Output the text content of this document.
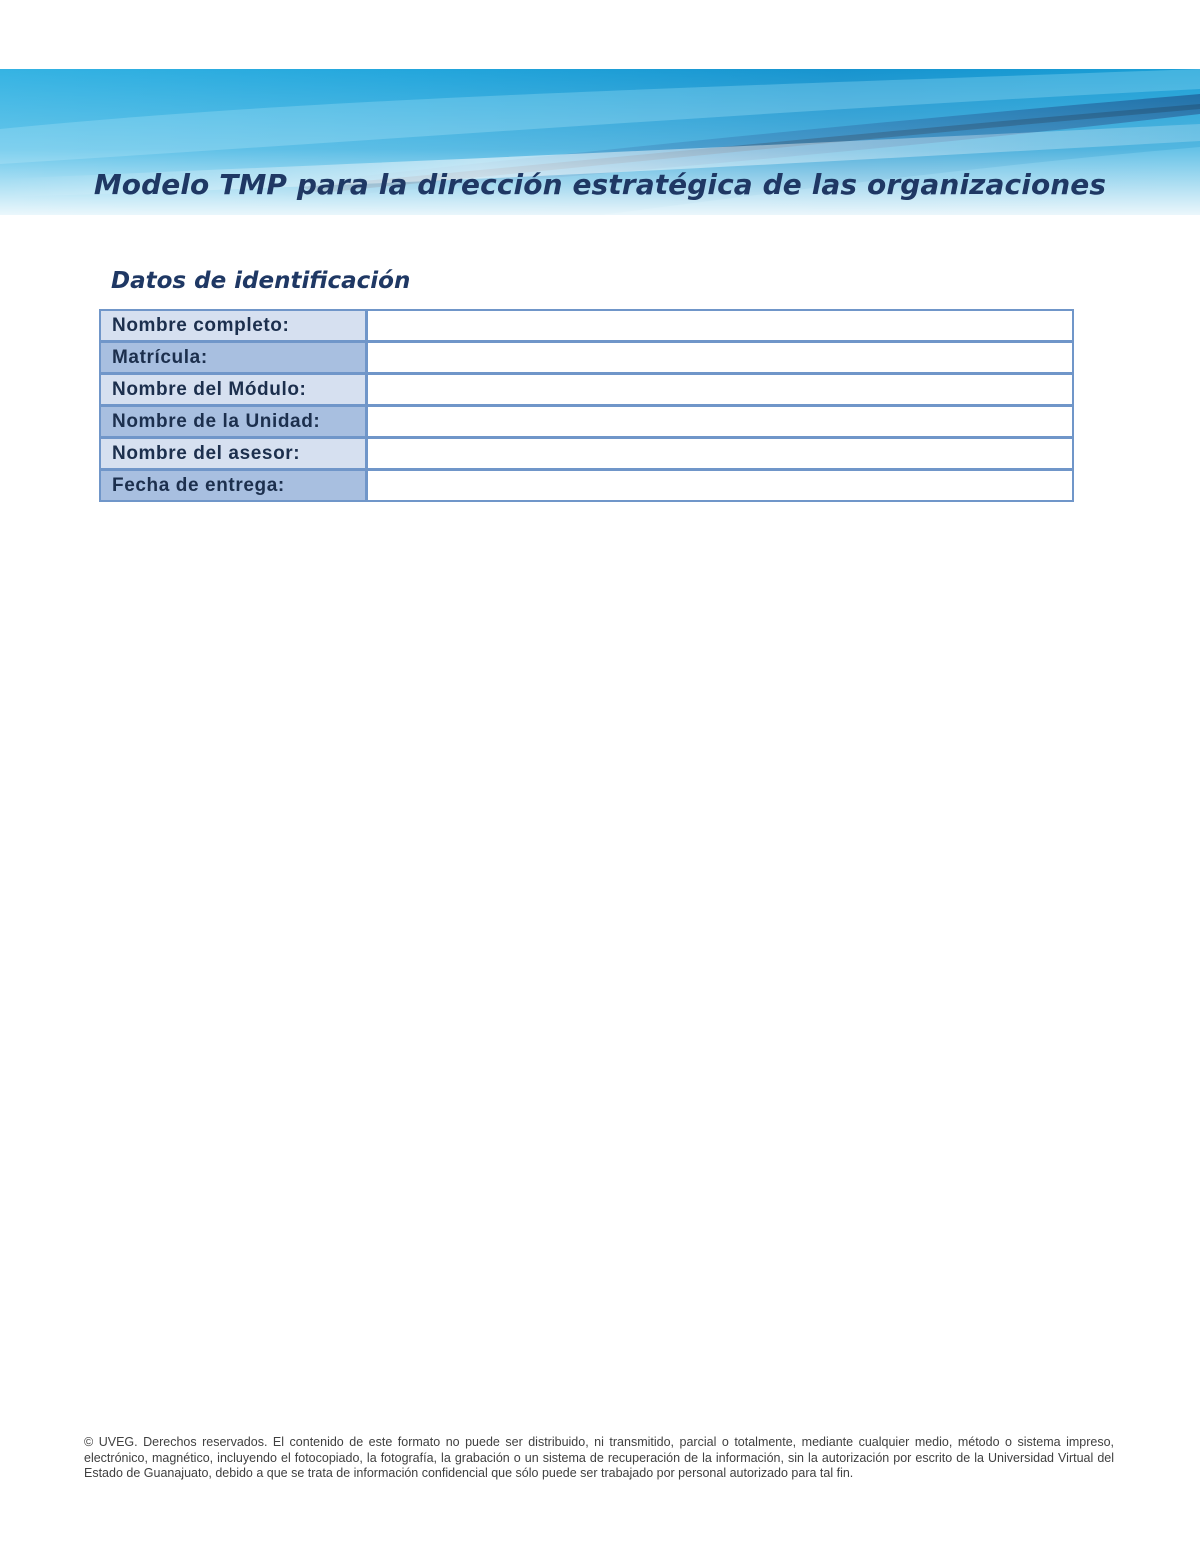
Modelo TMP para la dirección estratégica de las organizaciones
Datos de identificación
Nombre completo:	
Matrícula:	
Nombre del Módulo:	
Nombre de la Unidad:	
Nombre del asesor:	
Fecha de entrega:	
© UVEG. Derechos reservados. El contenido de este formato no puede ser distribuido, ni transmitido, parcial o totalmente, mediante cualquier medio, método o sistema impreso, electrónico, magnético, incluyendo el fotocopiado, la fotografía, la grabación o un sistema de recuperación de la información, sin la autorización por escrito de la Universidad Virtual del Estado de Guanajuato, debido a que se trata de información confidencial que sólo puede ser trabajado por personal autorizado para tal fin.
